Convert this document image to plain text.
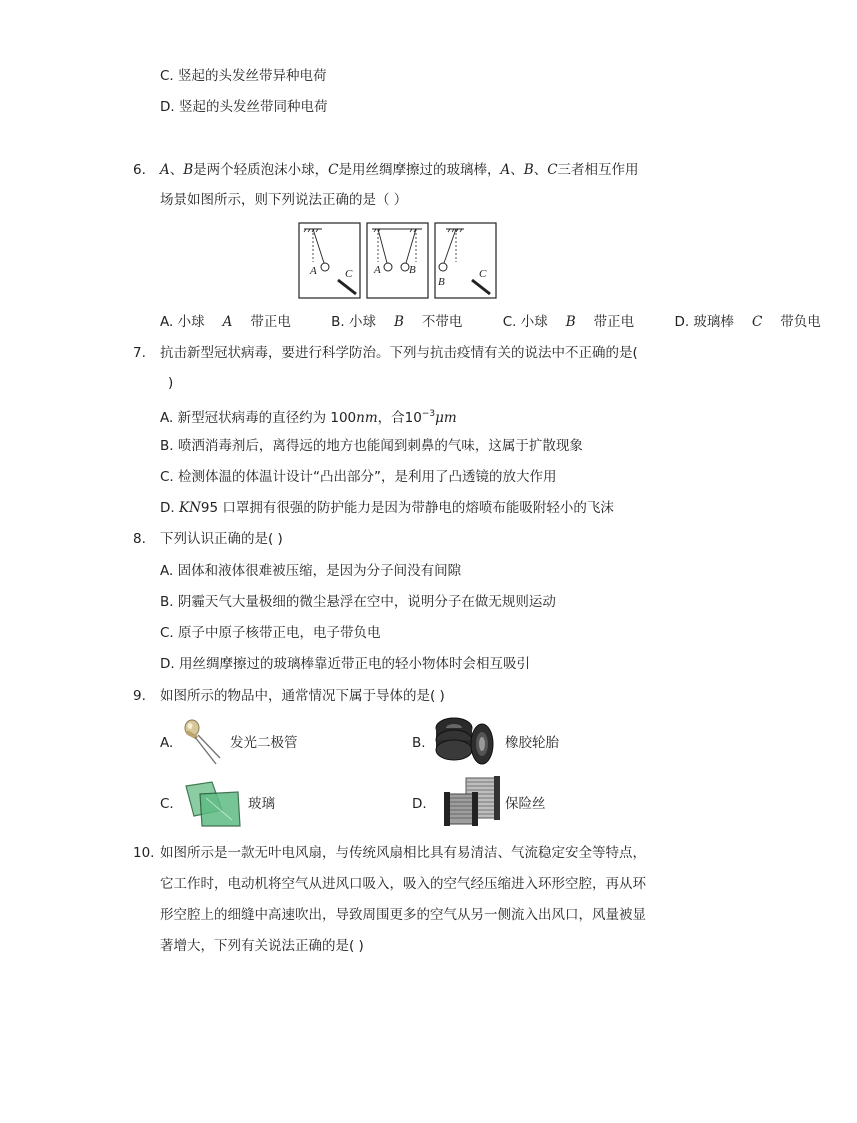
C. 竖起的头发丝带异种电荷
D. 竖起的头发丝带同种电荷
6. A、B是两个轻质泡沫小球，C是用丝绸摩擦过的玻璃棒，A、B、C三者相互作用
场景如图所示，则下列说法正确的是（ ）
A	C A	B
B
C
A. 小球 A 带正电	B. 小球 B 不带电	C. 小球 B 带正电	D. 玻璃棒 C 带负电
7. 抗击新型冠状病毒，要进行科学防治。下列与抗击疫情有关的说法中不正确的是(
)
A. 新型冠状病毒的直径约为 100nm，合$10^{-3}\mu m$
B. 喷洒消毒剂后，离得远的地方也能闻到刺鼻的气味，这属于扩散现象
C. 检测体温的体温计设计“凸出部分”，是利用了凸透镜的放大作用
D. KN95 口罩拥有很强的防护能力是因为带静电的熔喷布能吸附轻小的飞沫
8. 下列认识正确的是( )
A. 固体和液体很难被压缩，是因为分子间没有间隙
B. 阴霾天气大量极细的微尘悬浮在空中，说明分子在做无规则运动
C. 原子中原子核带正电，电子带负电
D. 用丝绸摩擦过的玻璃棒靠近带正电的轻小物体时会相互吸引
9. 如图所示的物品中，通常情况下属于导体的是( )
A.	发光二极管	B.	橡胶轮胎
C.	玻璃	D.	保险丝
10. 如图所示是一款无叶电风扇，与传统风扇相比具有易清洁、气流稳定安全等特点，
它工作时，电动机将空气从进风口吸入，吸入的空气经压缩进入环形空腔，再从环
形空腔上的细缝中高速吹出，导致周围更多的空气从另一侧流入出风口，风量被显
著增大，下列有关说法正确的是( )
